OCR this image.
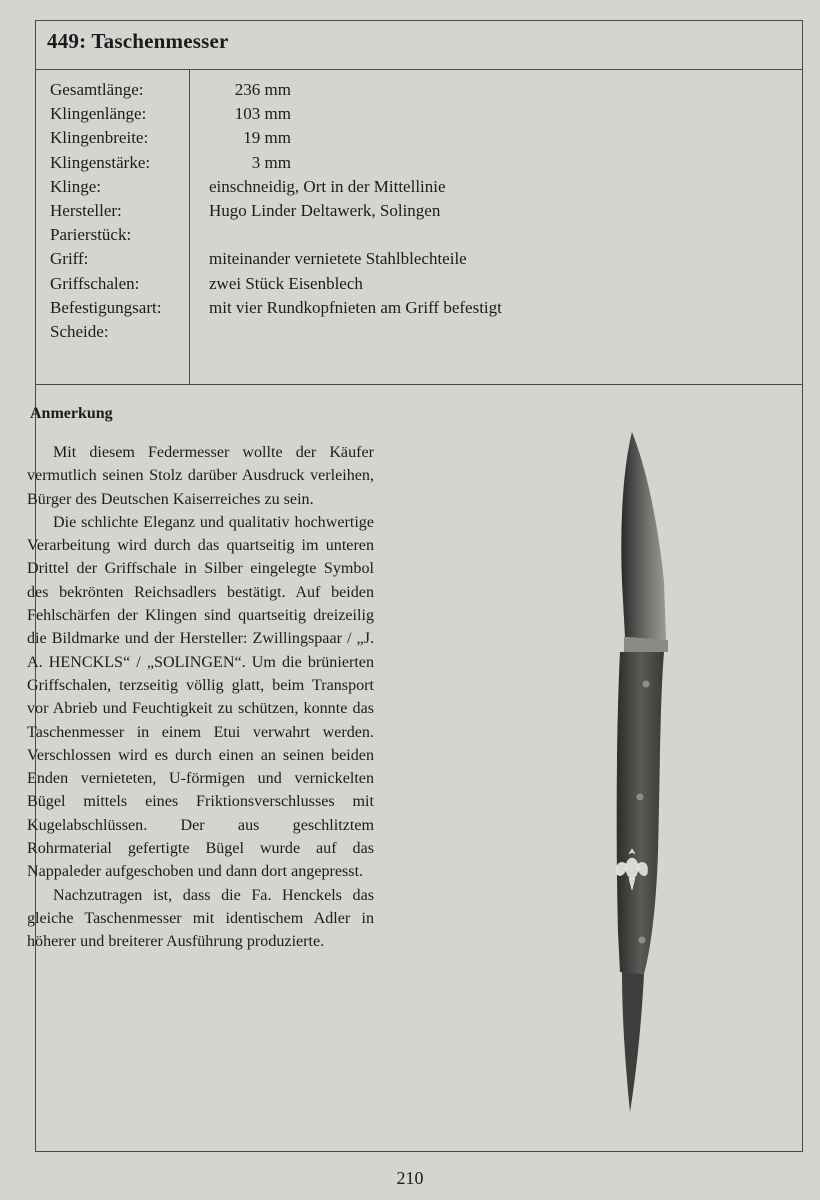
449: Taschenmesser
Gesamtlänge:
Klingenlänge:
Klingenbreite:
Klingenstärke:
Klinge:
Hersteller:
Parierstück:
Griff:
Griffschalen:
Befestigungsart:
Scheide:
236 mm
103 mm
19 mm
3 mm
einschneidig, Ort in der Mittellinie
Hugo Linder Deltawerk, Solingen
miteinander vernietete Stahlblechteile
zwei Stück Eisenblech
mit vier Rundkopfnieten am Griff befestigt
Anmerkung

Mit diesem Federmesser wollte der Käufer vermutlich seinen Stolz darüber Ausdruck verleihen, Bürger des Deutschen Kaiserreiches zu sein.

Die schlichte Eleganz und qualitativ hochwertige Verarbeitung wird durch das quartseitig im unteren Drittel der Griffschale in Silber eingelegte Symbol des bekrönten Reichsadlers bestätigt. Auf beiden Fehlschärfen der Klingen sind quartseitig dreizeilig die Bildmarke und der Hersteller: Zwillingspaar / „J. A. HENCKLS“ / „SOLINGEN“. Um die brünierten Griffschalen, terzseitig völlig glatt, beim Transport vor Abrieb und Feuchtigkeit zu schützen, konnte das Taschenmesser in einem Etui verwahrt werden. Verschlossen wird es durch einen an seinen beiden Enden vernieteten, U-förmigen und vernickelten Bügel mittels eines Friktionsverschlusses mit Kugelabschlüssen. Der aus geschlitztem Rohrmaterial gefertigte Bügel wurde auf das Nappaleder aufgeschoben und dann dort angepresst.

Nachzutragen ist, dass die Fa. Henckels das gleiche Taschenmesser mit identischem Adler in höherer und breiterer Ausführung produzierte.

210
